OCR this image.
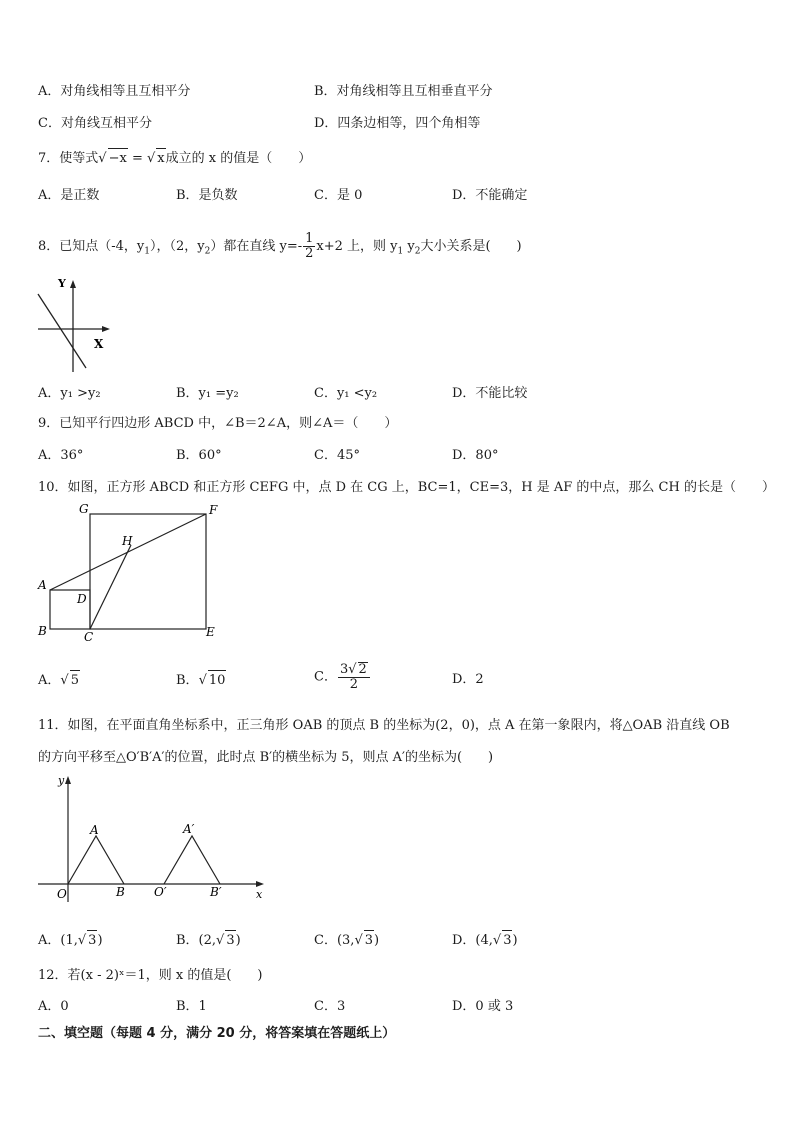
A．对角线相等且互相平分	B．对角线相等且互相垂直平分
C．对角线互相平分	D．四条边相等，四个角相等
7．使等式 √ −x = √ x成立的 x 的值是（　　）
A．是正数	B．是负数	C．是 0	D．不能确定
8．已知点（-4，$y_1$），（2，$y_2$）都在直线 $y=- \frac{1}{2} x+2$ 上，则 $y_1$ $y_2$大小关系是(　　)
Y
X
A．y₁ >y₂	B．y₁ =y₂	C．y₁ <y₂	D．不能比较
9．已知平行四边形 ABCD 中，∠B＝2∠A，则∠A＝（　　）
A．36°	B．60°	C．45°	D．80°
10．如图，正方形 ABCD 和正方形 CEFG 中，点 D 在 CG 上，BC=1，CE=3，H 是 AF 的中点，那么 CH 的长是（　　）
G	F
H
A
D
B	C	E
A． √ 5	B． √ 10	C． $\frac{3 √ 2}{2}$	D．2
11．如图，在平面直角坐标系中，正三角形 OAB 的顶点 B 的坐标为(2，0)，点 A 在第一象限内，将△OAB 沿直线 OB
的方向平移至△O′B′A′的位置，此时点 B′的横坐标为 5，则点 A′的坐标为(　　)
y
x
O
A
B O′
A′
B′
A．(1, √ 3)	B．(2, √ 3)	C．(3, √ 3)	D．(4, √ 3)
12．若(x - 2)ˣ＝1，则 x 的值是(　　)
A．0	B．1	C．3	D．0 或 3
二、填空题（每题 4 分，满分 20 分，将答案填在答题纸上）
